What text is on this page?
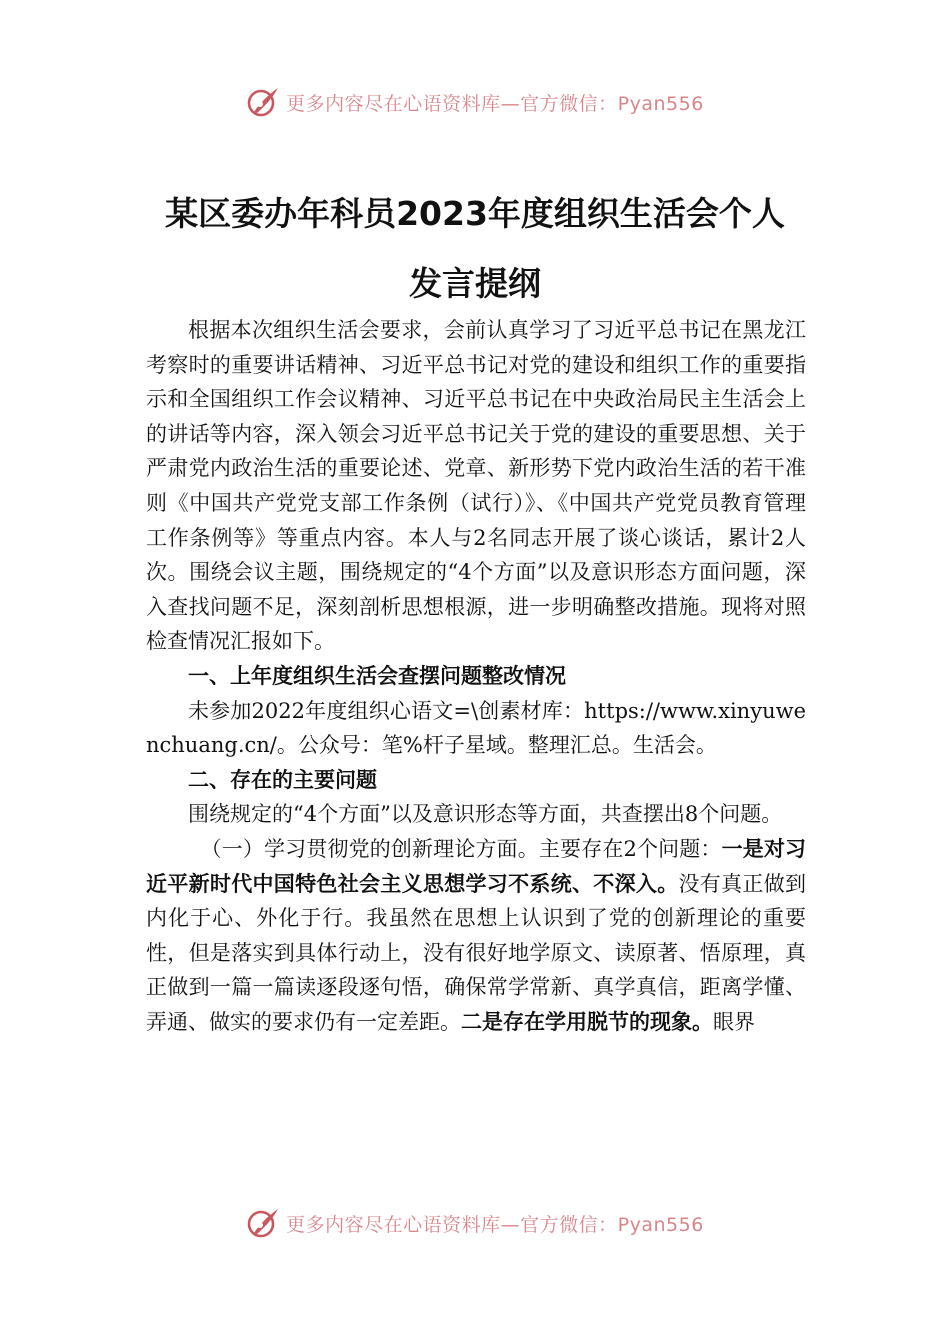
更多内容尽在心语资料库—官方微信：Pyan556
某区委办年科员2023年度组织生活会个人
发言提纲

根据本次组织生活会要求，会前认真学习了习近平总书记在黑龙江考察时的重要讲话精神、习近平总书记对党的建设和组织工作的重要指示和全国组织工作会议精神、习近平总书记在中央政治局民主生活会上的讲话等内容，深入领会习近平总书记关于党的建设的重要思想、关于严肃党内政治生活的重要论述、党章、新形势下党内政治生活的若干准则《中国共产党党支部工作条例（试行）》、《中国共产党党员教育管理工作条例等》等重点内容。本人与2名同志开展了谈心谈话，累计2人次。围绕会议主题，围绕规定的“4个方面”以及意识形态方面问题，深入查找问题不足，深刻剖析思想根源，进一步明确整改措施。现将对照检查情况汇报如下。

一、上年度组织生活会查摆问题整改情况

未参加2022年度组织心语文=\创素材库：https://www.xinyuwenchuang.cn/。公众号：笔%杆子星域。整理汇总。生活会。

二、存在的主要问题

围绕规定的“4个方面”以及意识形态等方面，共查摆出8个问题。

（一）学习贯彻党的创新理论方面。主要存在2个问题：一是对习近平新时代中国特色社会主义思想学习不系统、不深入。没有真正做到内化于心、外化于行。我虽然在思想上认识到了党的创新理论的重要性，但是落实到具体行动上，没有很好地学原文、读原著、悟原理，真正做到一篇一篇读逐段逐句悟，确保常学常新、真学真信，距离学懂、弄通、做实的要求仍有一定差距。二是存在学用脱节的现象。眼界

更多内容尽在心语资料库—官方微信：Pyan556
